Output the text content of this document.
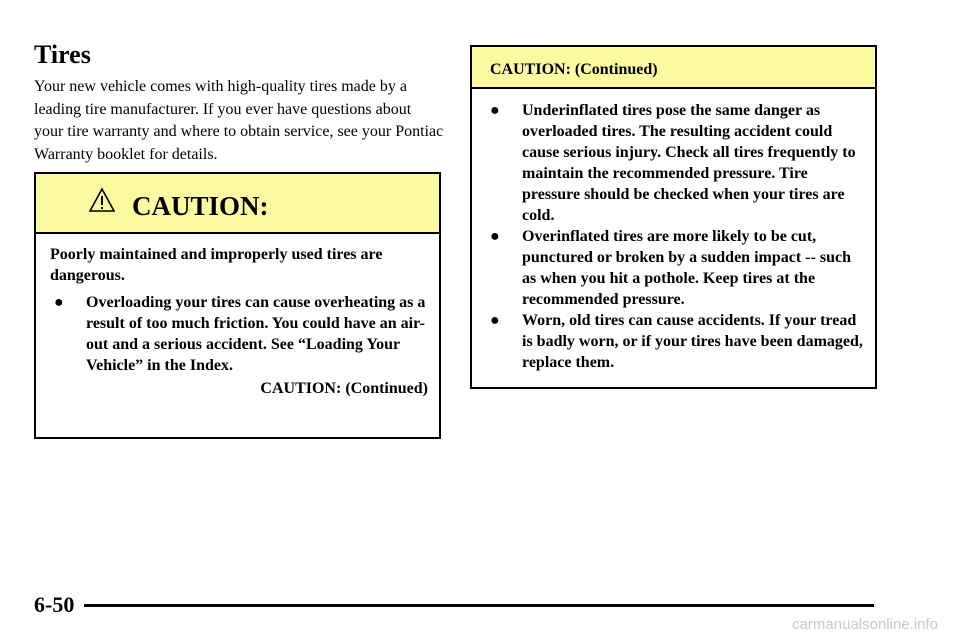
Tires

Your new vehicle comes with high-quality tires made by a leading tire manufacturer. If you ever have questions about your tire warranty and where to obtain service, see your Pontiac Warranty booklet for details.

CAUTION:

Poorly maintained and improperly used tires are dangerous.

● Overloading your tires can cause overheating as a result of too much friction. You could have an air-out and a serious accident. See “Loading Your Vehicle” in the Index.
CAUTION: (Continued)
CAUTION: (Continued)
● Underinflated tires pose the same danger as overloaded tires. The resulting accident could cause serious injury. Check all tires frequently to maintain the recommended pressure. Tire pressure should be checked when your tires are cold.
● Overinflated tires are more likely to be cut, punctured or broken by a sudden impact -- such as when you hit a pothole. Keep tires at the recommended pressure.
● Worn, old tires can cause accidents. If your tread is badly worn, or if your tires have been damaged, replace them.
6-50
carmanualsonline.info
